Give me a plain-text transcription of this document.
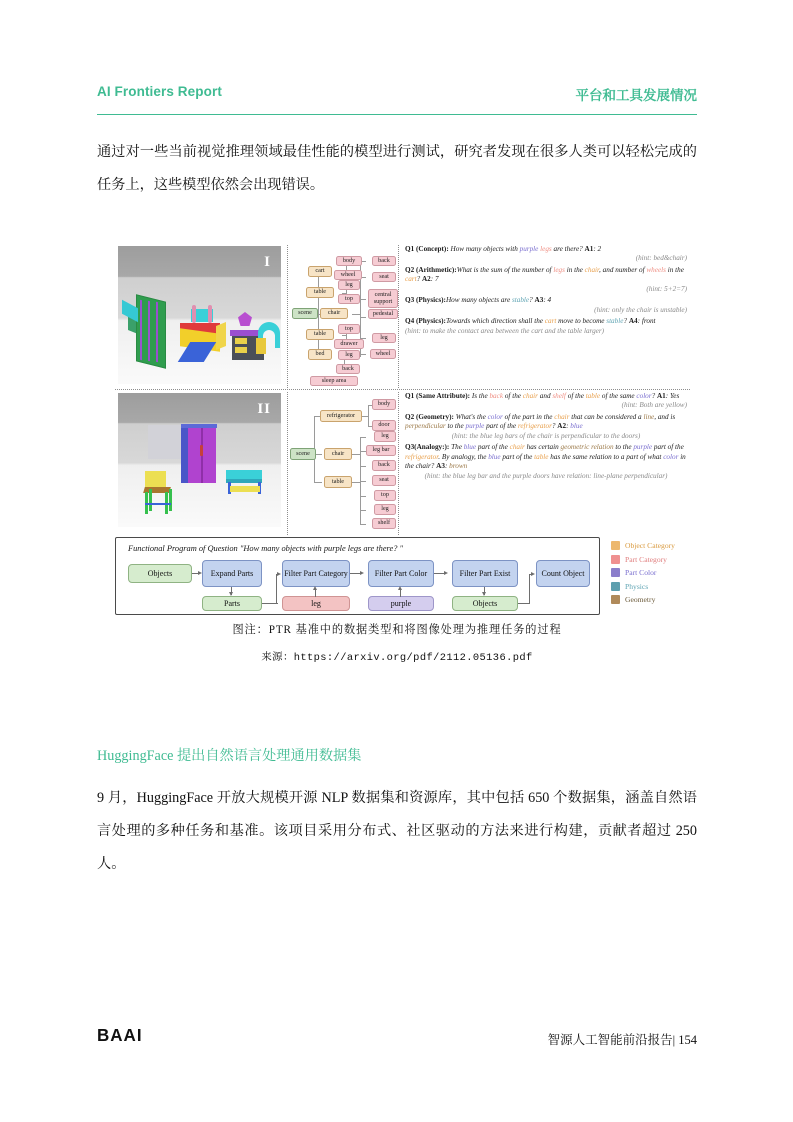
AI Frontiers Report	平台和工具发展情况
通过对一些当前视觉推理领域最佳性能的模型进行测试，研究者发现在很多人类可以轻松完成的任务上，这些模型依然会出现错误。
I
scene
cart
table
chair
table
bed
body
wheel
leg
top
back
seat
central support
pedestal
leg
wheel
top
drawer
leg
back
sleep area

Q1 (Concept): How many objects with purple legs are there? A1: 2
(hint: bed&chair)

Q2 (Arithmetic):What is the sum of the number of legs in the chair, and number of wheels in the cart? A2: 7
(hint: 5+2=7)

Q3 (Physics):How many objects are stable? A3: 4
(hint: only the chair is unstable)

Q4 (Physics):Towards which direction shall the cart move to become stable? A4: front
(hint: to make the contact area between the cart and the table larger)

II
scene
refrigerator
chair
table
body
door
leg
leg bar
back
seat
top
leg
shelf

Q1 (Same Attribute): Is the back of the chair and shelf of the table of the same color? A1: Yes
(hint: Both are yellow)

Q2 (Geometry): What's the color of the part in the chair that can be considered a line, and is perpendicular to the purple part of the refrigerator? A2: blue
(hint: the blue leg bars of the chair is perpendicular to the doors)

Q3(Analogy:): The blue part of the chair has certain geometric relation to the purple part of the refrigerator. By analogy, the blue part of the table has the same relation to a part of what color in the chair? A3: brown
(hint: the blue leg bar and the purple doors have relation: line-plane perpendicular)

Functional Program of Question "How many objects with purple legs are there? "
Objects	Expand Parts	Filter Part Category	Filter Part Color	Filter Part Exist	Count Object
Parts	leg	purple	Objects
Object Category
Part Category
Part Color
Physics
Geometry
图注：PTR 基准中的数据类型和将图像处理为推理任务的过程
来源：https://arxiv.org/pdf/2112.05136.pdf
HuggingFace 提出自然语言处理通用数据集
9 月，HuggingFace 开放大规模开源 NLP 数据集和资源库，其中包括 650 个数据集，涵盖自然语言处理的多种任务和基准。该项目采用分布式、社区驱动的方法来进行构建，贡献者超过 250 人。
BAAI	智源人工智能前沿报告| 154
